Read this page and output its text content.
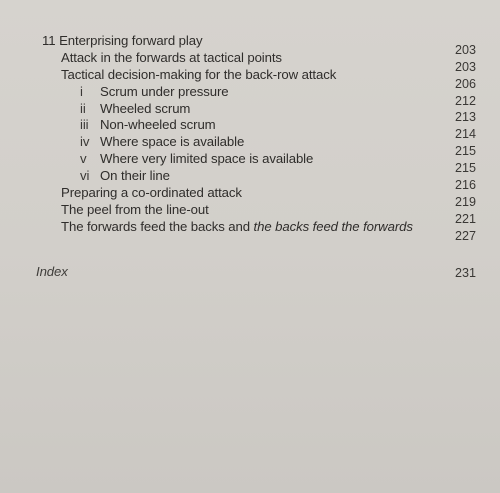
11 Enterprising forward play
Attack in the forwards at tactical points
Tactical decision-making for the back-row attack
i Scrum under pressure
ii Wheeled scrum
iii Non-wheeled scrum
iv Where space is available
v Where very limited space is available
vi On their line
Preparing a co-ordinated attack
The peel from the line-out
The forwards feed the backs and the backs feed the forwards
203
203
206
212
213
214
215
215
216
219
221
227
Index	231
